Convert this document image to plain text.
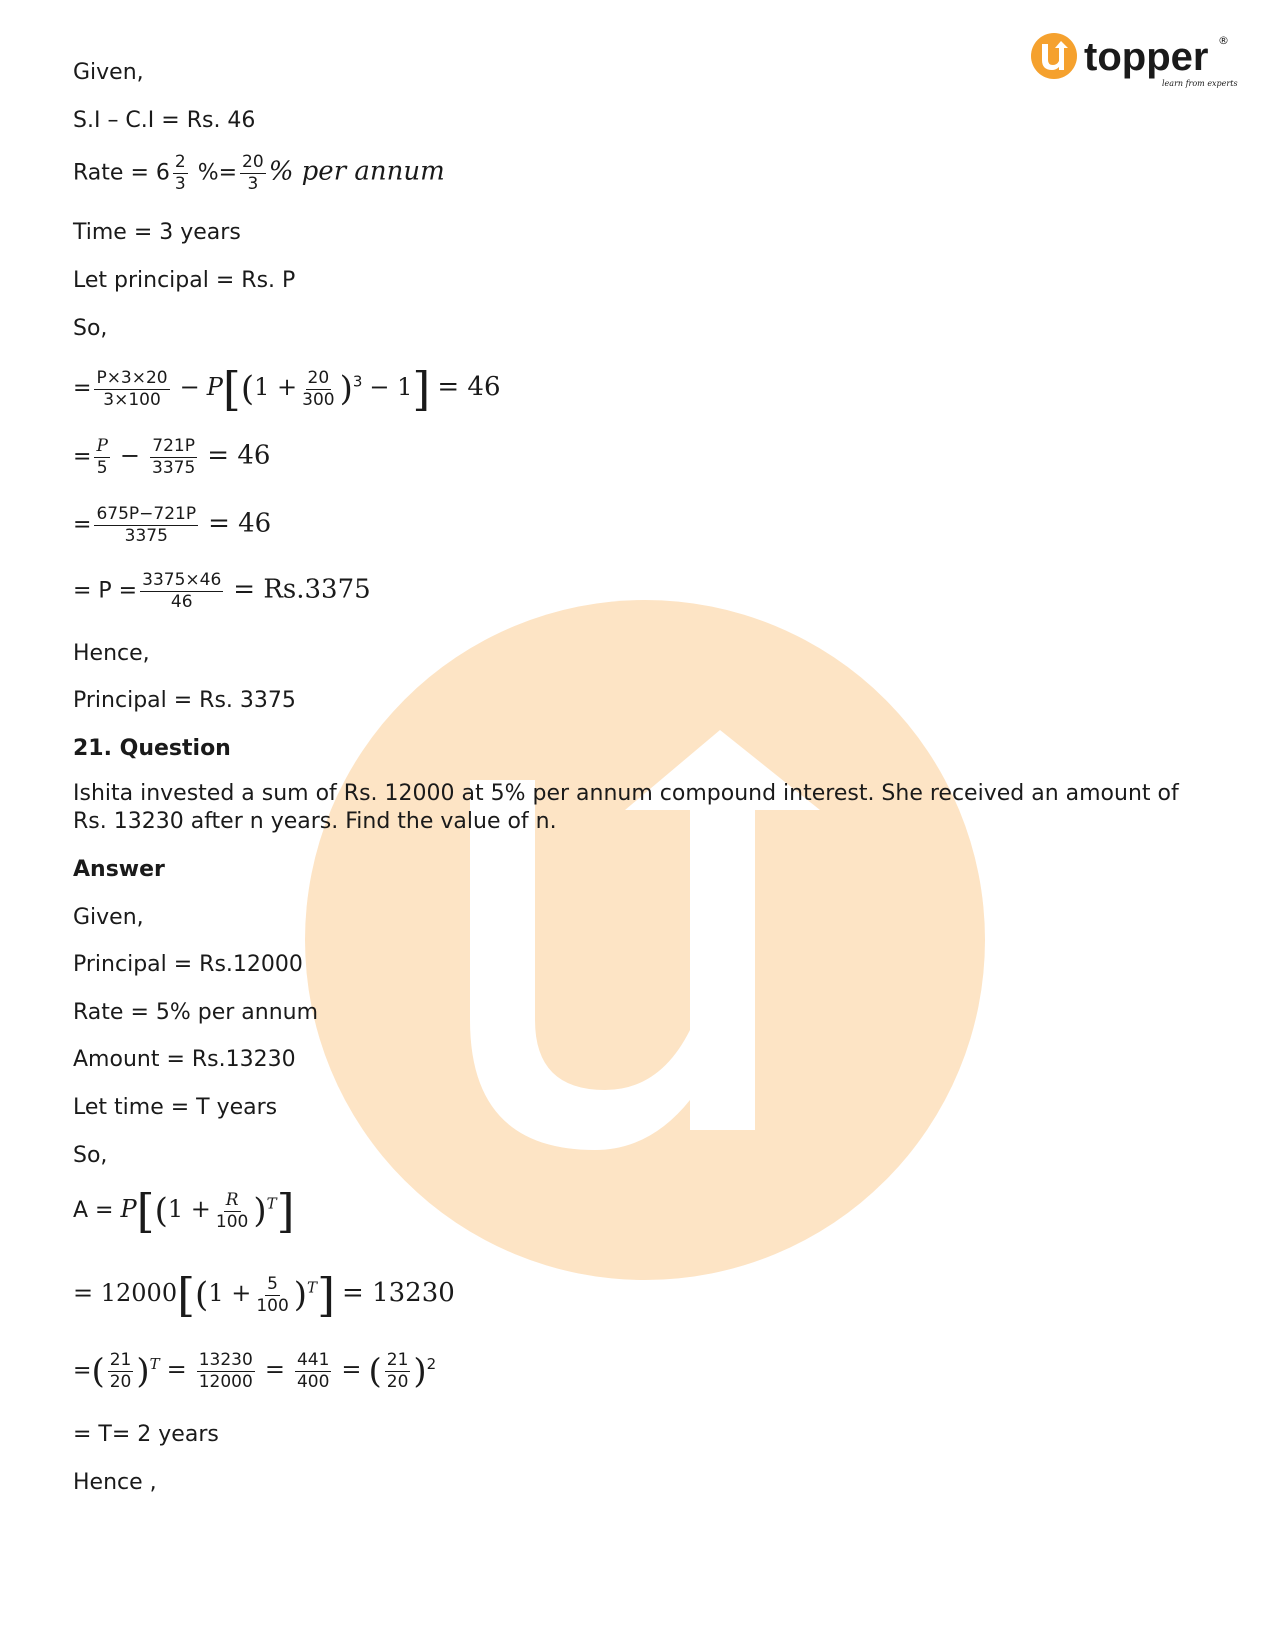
topper ®
learn from experts
Given,
S.I – C.I = Rs. 46
Rate = $6 \frac{2}{3}$ %= $\frac{20}{3}$ % per annum
Time = 3 years
Let principal = Rs. P
So,
= $\frac{P\times 3\times 20}{3\times 100} - P[(1 + \frac{20}{300} )^3 - 1] = 46$
= $\frac{P}{5} - \frac{721P}{3375} = 46$
= $\frac{675P-721P}{3375} = 46$
= $P = \frac{3375\times 46}{46} = Rs.3375$
Hence,
Principal = Rs. 3375
21. Question
Ishita invested a sum of Rs. 12000 at 5% per annum compound interest. She received an amount of Rs. 13230 after n years. Find the value of n.
Answer
Given,
Principal = Rs.12000
Rate = 5% per annum
Amount = Rs.13230
Let time = T years
So,
$A = P[(1 + \frac{R}{100} )^T]$
= $12000[(1 + \frac{5}{100} )^T] = 13230$
=( $\frac{21}{20} )^T = \frac{13230}{12000} = \frac{441}{400}$ = ( $\frac{21}{20} )^2$
= T= 2 years
Hence ,
